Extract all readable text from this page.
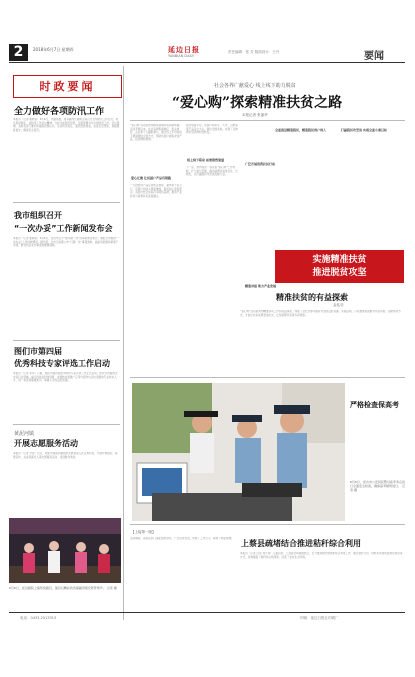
2	2018年6月7日 星期四	延边日报
YANBIAN DAILY
责任编辑：张 芳 版面设计：王丹	要闻
时政要闻
全力做好各项防汛工作
本报讯（记者 崔晓东）6月6日，州委常委、常务副州长崔明主持召开全州防汛工作会议，传达贯彻国家、省防汛工作会议精神，分析当前防汛形势，安排部署今年全州防汛工作。会议强调，各地各部门要切实提高思想认识，压实防汛责任，强化隐患排查，完善应急预案，加强值班值守，确保安全度汛。
我市组织召开
“一次办妥”工作新闻发布会
本报讯（记者 崔晓东）6月6日，延吉市召开“最多跑一次”改革新闻发布会，通报全市推进“一次办妥”工作进展情况。据介绍，全市已梳理公布“只跑一次”事项清单，涵盖审批服务事项千余项，群众和企业办事更加便捷高效。
图们市第四届
优秀科技专家评选工作启动
本报讯（记者 李华）日前，图们市第四届优秀科技专家评选工作正式启动。此次评选面向全市各行业领域，重点选拔在科技创新、成果转化和推广应用方面作出突出贡献的专业技术人才，进一步营造尊重知识、尊重人才的良好氛围。
黄泥河镇
开展志愿服务活动
本报讯（记者 尹虎）近日，敦化市黄泥河镇组织志愿者深入社区和村屯，开展环境整治、政策宣传、关爱孤寡老人等志愿服务活动，受到群众欢迎。
6月6日，延边剧院上演传统剧目，演员们精彩的表演赢得观众阵阵掌声。 记者 摄
社会各界广献爱心 线上线下助力脱贫
“爱心购”探索精准扶贫之路
本报记者 张丽华
“爱心购”活动是我州探索消费扶贫的新举措。活动开展以来，社会各界积极响应，机关单位、企业和个人踊跃参与，通过线上平台和线下展销相结合的方式，帮助贫困户销售农特产品，拓宽增收渠道。
爱心汇聚 让贫困户产品有销路
一大批农特产品走进机关食堂、超市和千家万户，贫困户的收入明显增加，脱贫信心更加坚定。各县市结合实际打造特色品牌，推动产业扶贫与消费扶贫深度融合。
依托电商平台，贫困户的木耳、大米、山野菜等产品走出大山，销往全国各地，实现了从种得好到卖得好的转变。
线上线下联动 拓宽销售渠道
下一步，我州将进一步完善“爱心购”工作机制，扩大参与范围，推动消费扶贫常态化、长效化，为打赢脱贫攻坚战贡献力量。
广泛开展消费扶贫行动
精准对接 助力产业发展
全面推进精准脱贫，精准脱贫到户到人	打赢脱贫攻坚战 实现全面小康目标
实施精准扶贫
推进脱贫攻坚
精准扶贫的有益探索
金兆羽
“爱心购”活动是我州精准扶贫工作的有益探索，体现了全社会参与脱贫攻坚的良好氛围。实践证明，只有聚焦贫困群众所需所盼，创新帮扶方式，才能让扶贫成果更加扎实，让贫困群众有更多获得感。
严格检查保高考
6月6日，延吉市公安局民警对高考考点进行全面安全检查，确保高考顺利进行。 记者 摄
【上接第一版】
活动期间，各级各部门强化组织领导，广泛宣传发动，形成了工作合力，取得了明显成效。
上蔡县疏堵结合推进秸秆综合利用
本报讯（记者 白涛 刘大伟）入夏以来，上蔡县坚持疏堵结合，全力推进秸秆禁烧和综合利用工作，通过秸秆还田、饲料化利用和能源化利用等方式，有效提高了秸秆综合利用率，改善了农村生态环境。
电话：0433-2513313	印刷：延边日报社印刷厂
